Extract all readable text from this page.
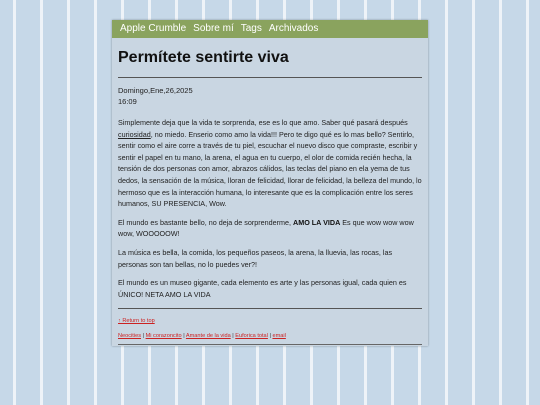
Apple Crumble Sobre mí Tags Archivados
Permítete sentirte viva
Domingo,Ene,26,2025
16:09

Simplemente deja que la vida te sorprenda, ese es lo que amo. Saber qué pasará después curiosidad, no miedo. Enserio como amo la vida!!! Pero te digo qué es lo mas bello? Sentirlo, sentir como el aire corre a través de tu piel, escuchar el nuevo disco que compraste, escribir y sentir el papel en tu mano, la arena, el agua en tu cuerpo, el olor de comida recién hecha, la tensión de dos personas con amor, abrazos cálidos, las teclas del piano en ela yema de tus dedos, la sensación de la música, lloran de felicidad, llorar de felicidad, la belleza del mundo, lo hermoso que es la interacción humana, lo interesante que es la complicación entre los seres humanos, SU PRESENCIA, Wow.

El mundo es bastante bello, no deja de sorprenderme, AMO LA VIDA Es que wow wow wow wow, WOOOOOW!

La música es bella, la comida, los pequeños paseos, la arena, la lluevia, las rocas, las personas son tan bellas, no lo puedes ver?!

El mundo es un museo gigante, cada elemento es arte y las personas igual, cada quien es ÚNICO! NETA AMO LA VIDA

↑ Return to top
Neocities | Mi corazoncito | Amante de la vida | Euforica total | email
